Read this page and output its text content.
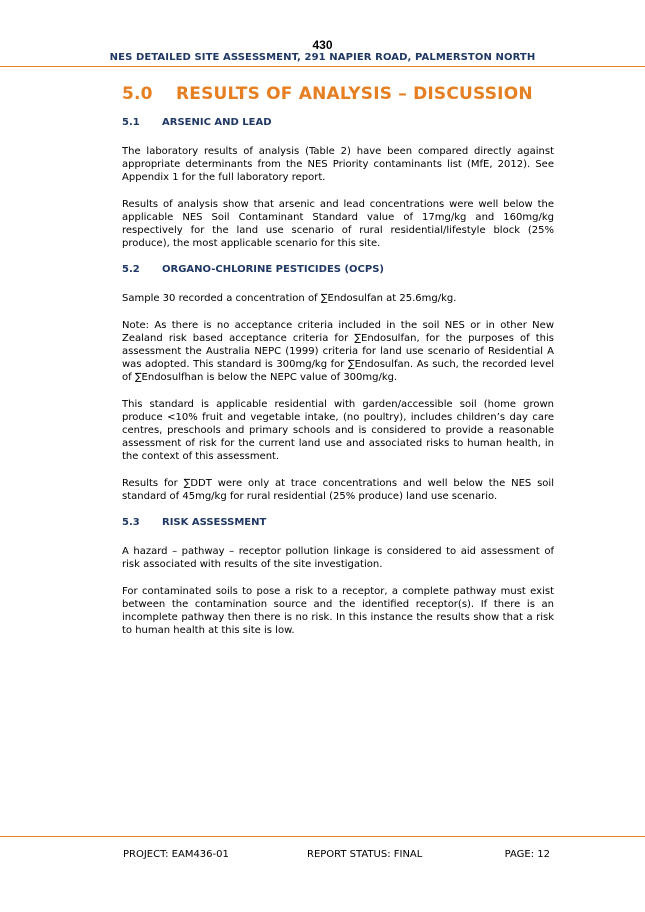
430
NES DETAILED SITE ASSESSMENT, 291 NAPIER ROAD, PALMERSTON NORTH
5.0	RESULTS OF ANALYSIS – DISCUSSION
5.1	ARSENIC AND LEAD

The laboratory results of analysis (Table 2) have been compared directly against appropriate determinants from the NES Priority contaminants list (MfE, 2012). See Appendix 1 for the full laboratory report.

Results of analysis show that arsenic and lead concentrations were well below the applicable NES Soil Contaminant Standard value of 17mg/kg and 160mg/kg respectively for the land use scenario of rural residential/lifestyle block (25% produce), the most applicable scenario for this site.

5.2	ORGANO-CHLORINE PESTICIDES (OCPS)

Sample 30 recorded a concentration of ∑Endosulfan at 25.6mg/kg.

Note: As there is no acceptance criteria included in the soil NES or in other New Zealand risk based acceptance criteria for ∑Endosulfan, for the purposes of this assessment the Australia NEPC (1999) criteria for land use scenario of Residential A was adopted. This standard is 300mg/kg for ∑Endosulfan. As such, the recorded level of ∑Endosulfhan is below the NEPC value of 300mg/kg.

This standard is applicable residential with garden/accessible soil (home grown produce <10% fruit and vegetable intake, (no poultry), includes children’s day care centres, preschools and primary schools and is considered to provide a reasonable assessment of risk for the current land use and associated risks to human health, in the context of this assessment.

Results for ∑DDT were only at trace concentrations and well below the NES soil standard of 45mg/kg for rural residential (25% produce) land use scenario.

5.3	RISK ASSESSMENT

A hazard – pathway – receptor pollution linkage is considered to aid assessment of risk associated with results of the site investigation.

For contaminated soils to pose a risk to a receptor, a complete pathway must exist between the contamination source and the identified receptor(s). If there is an incomplete pathway then there is no risk. In this instance the results show that a risk to human health at this site is low.

PROJECT: EAM436-01	REPORT STATUS: FINAL	PAGE: 12
